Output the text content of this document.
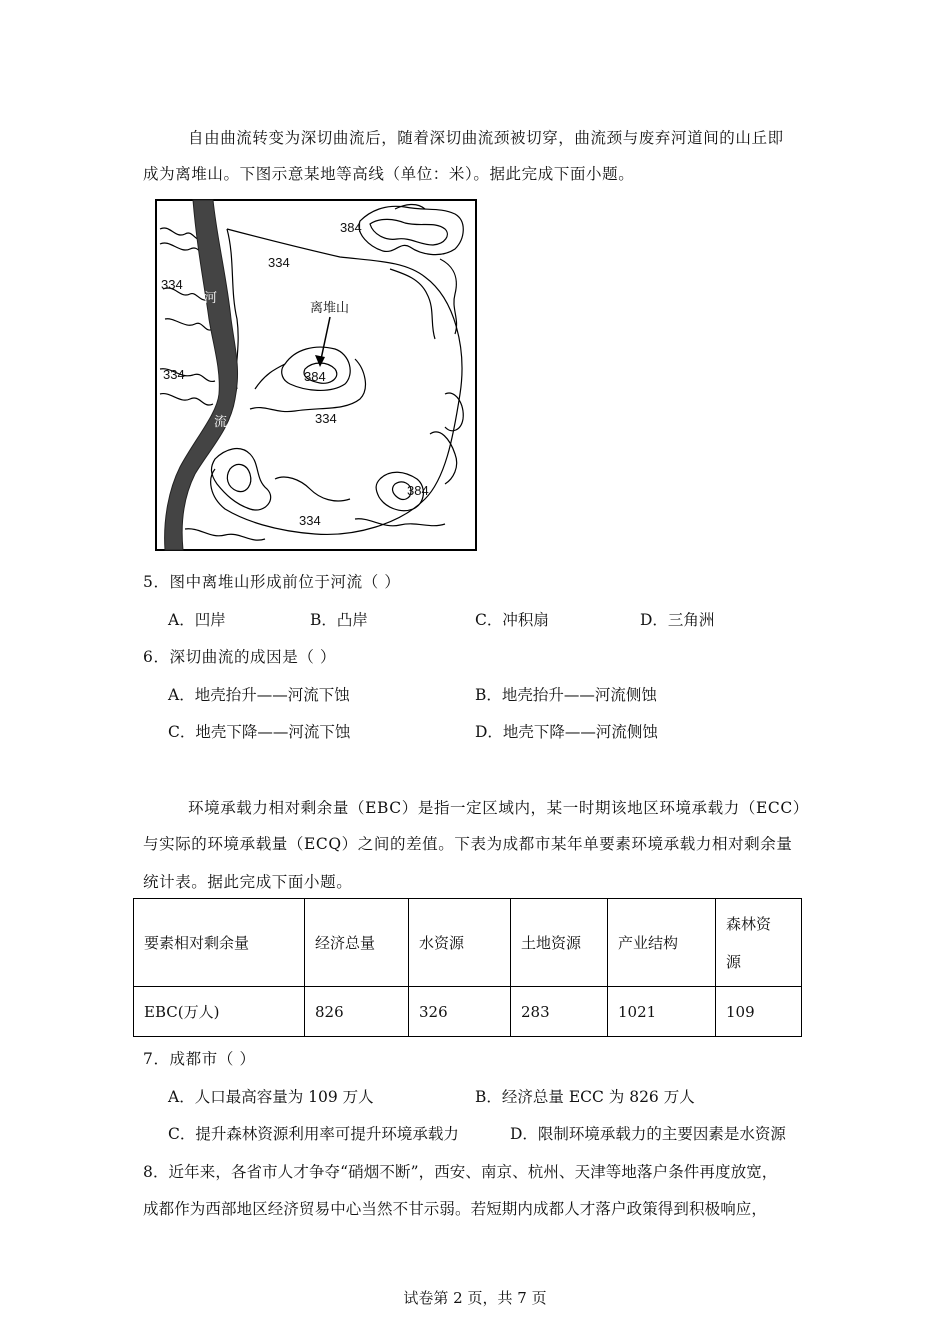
自由曲流转变为深切曲流后，随着深切曲流颈被切穿，曲流颈与废弃河道间的山丘即
成为离堆山。下图示意某地等高线（单位：米）。据此完成下面小题。
384
334
334
334
离堆山
384
334
384
334
河
流
5．图中离堆山形成前位于河流（ ）
A．凹岸	B．凸岸	C．冲积扇	D．三角洲
6．深切曲流的成因是（ ）
A．地壳抬升——河流下蚀	B．地壳抬升——河流侧蚀
C．地壳下降——河流下蚀	D．地壳下降——河流侧蚀
环境承载力相对剩余量（EBC）是指一定区域内，某一时期该地区环境承载力（ECC）
与实际的环境承载量（ECQ）之间的差值。下表为成都市某年单要素环境承载力相对剩余量
统计表。据此完成下面小题。
要素相对剩余量	经济总量	水资源	土地资源	产业结构	森林资
源
EBC(万人)	826	326	283	1021	109
7．成都市（ ）
A．人口最高容量为 109 万人	B．经济总量 ECC 为 826 万人
C．提升森林资源利用率可提升环境承载力	D．限制环境承载力的主要因素是水资源
8．近年来，各省市人才争夺“硝烟不断”，西安、南京、杭州、天津等地落户条件再度放宽，
成都作为西部地区经济贸易中心当然不甘示弱。若短期内成都人才落户政策得到积极响应，
试卷第 2 页，共 7 页
